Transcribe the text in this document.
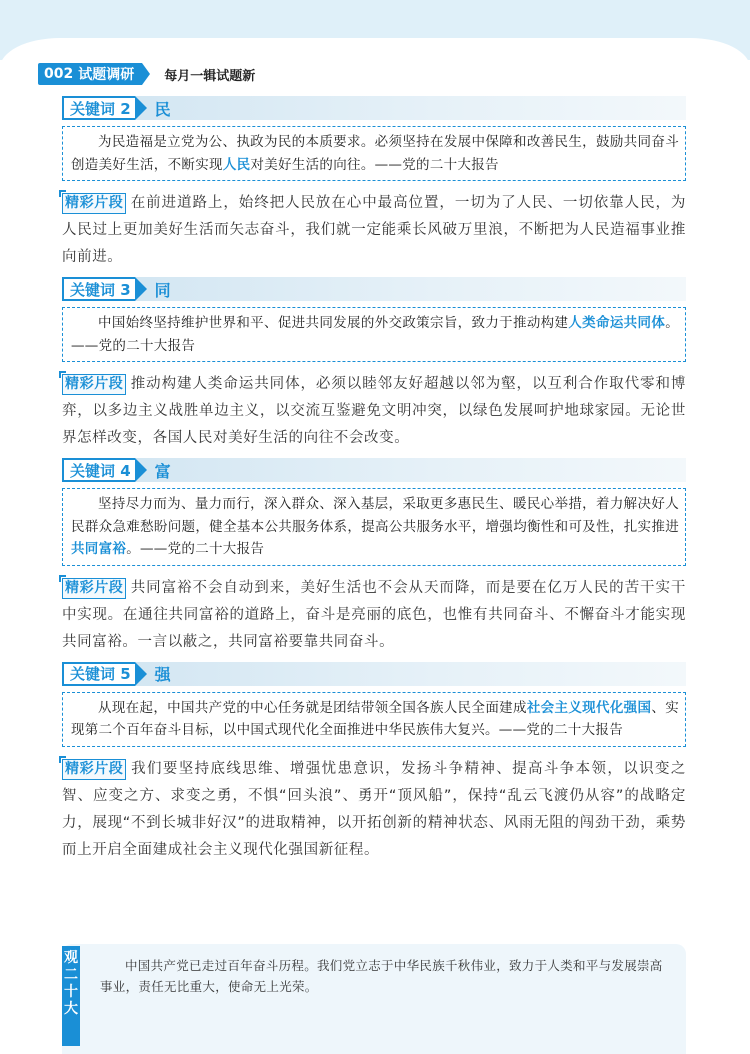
002 试题调研 每月一辑试题新
关键词 2 民
为民造福是立党为公、执政为民的本质要求。必须坚持在发展中保障和改善民生，鼓励共同奋斗创造美好生活，不断实现人民对美好生活的向往。——党的二十大报告
精彩片段 在前进道路上，始终把人民放在心中最高位置，一切为了人民、一切依靠人民，为人民过上更加美好生活而矢志奋斗，我们就一定能乘长风破万里浪，不断把为人民造福事业推向前进。
关键词 3 同
中国始终坚持维护世界和平、促进共同发展的外交政策宗旨，致力于推动构建人类命运共同体。——党的二十大报告
精彩片段 推动构建人类命运共同体，必须以睦邻友好超越以邻为壑，以互利合作取代零和博弈，以多边主义战胜单边主义，以交流互鉴避免文明冲突，以绿色发展呵护地球家园。无论世界怎样改变，各国人民对美好生活的向往不会改变。
关键词 4 富
坚持尽力而为、量力而行，深入群众、深入基层，采取更多惠民生、暖民心举措，着力解决好人民群众急难愁盼问题，健全基本公共服务体系，提高公共服务水平，增强均衡性和可及性，扎实推进共同富裕。——党的二十大报告
精彩片段 共同富裕不会自动到来，美好生活也不会从天而降，而是要在亿万人民的苦干实干中实现。在通往共同富裕的道路上，奋斗是亮丽的底色，也惟有共同奋斗、不懈奋斗才能实现共同富裕。一言以蔽之，共同富裕要靠共同奋斗。
关键词 5 强
从现在起，中国共产党的中心任务就是团结带领全国各族人民全面建成社会主义现代化强国、实现第二个百年奋斗目标，以中国式现代化全面推进中华民族伟大复兴。——党的二十大报告
精彩片段 我们要坚持底线思维、增强忧患意识，发扬斗争精神、提高斗争本领，以识变之智、应变之方、求变之勇，不惧“回头浪”、勇开“顶风船”，保持“乱云飞渡仍从容”的战略定力，展现“不到长城非好汉”的进取精神，以开拓创新的精神状态、风雨无阻的闯劲干劲，乘势而上开启全面建成社会主义现代化强国新征程。
观
二
十
大
中国共产党已走过百年奋斗历程。我们党立志于中华民族千秋伟业，致力于人类和平与发展崇高事业，责任无比重大，使命无上光荣。
